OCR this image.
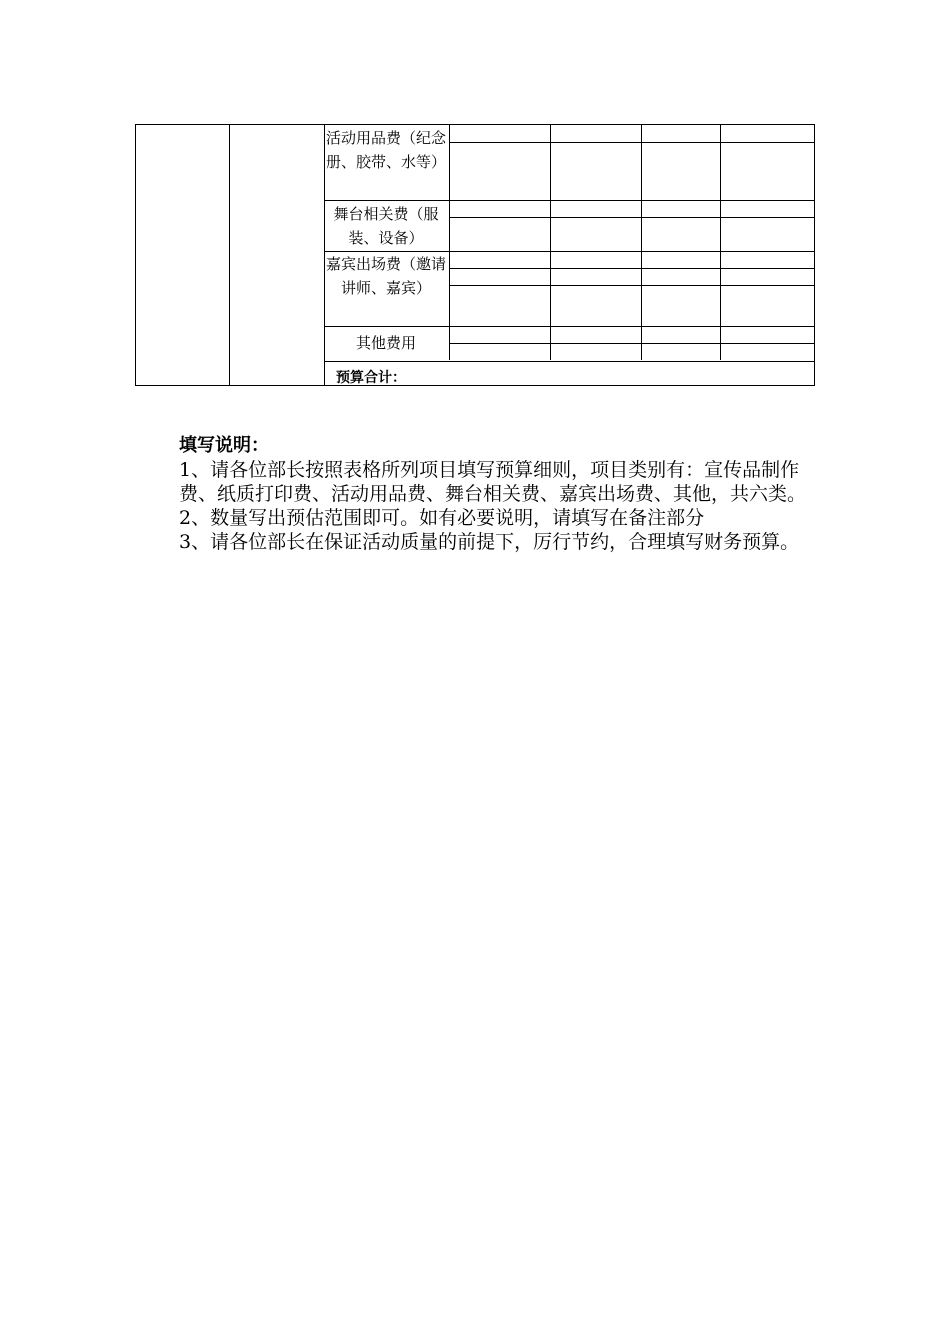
活动用品费（纪念册、胶带、水等）
舞台相关费（服装、设备）
嘉宾出场费（邀请讲师、嘉宾）
其他费用
预算合计：

填写说明：

1、请各位部长按照表格所列项目填写预算细则，项目类别有：宣传品制作费、纸质打印费、活动用品费、舞台相关费、嘉宾出场费、其他，共六类。

2、数量写出预估范围即可。如有必要说明，请填写在备注部分

3、请各位部长在保证活动质量的前提下，厉行节约，合理填写财务预算。
